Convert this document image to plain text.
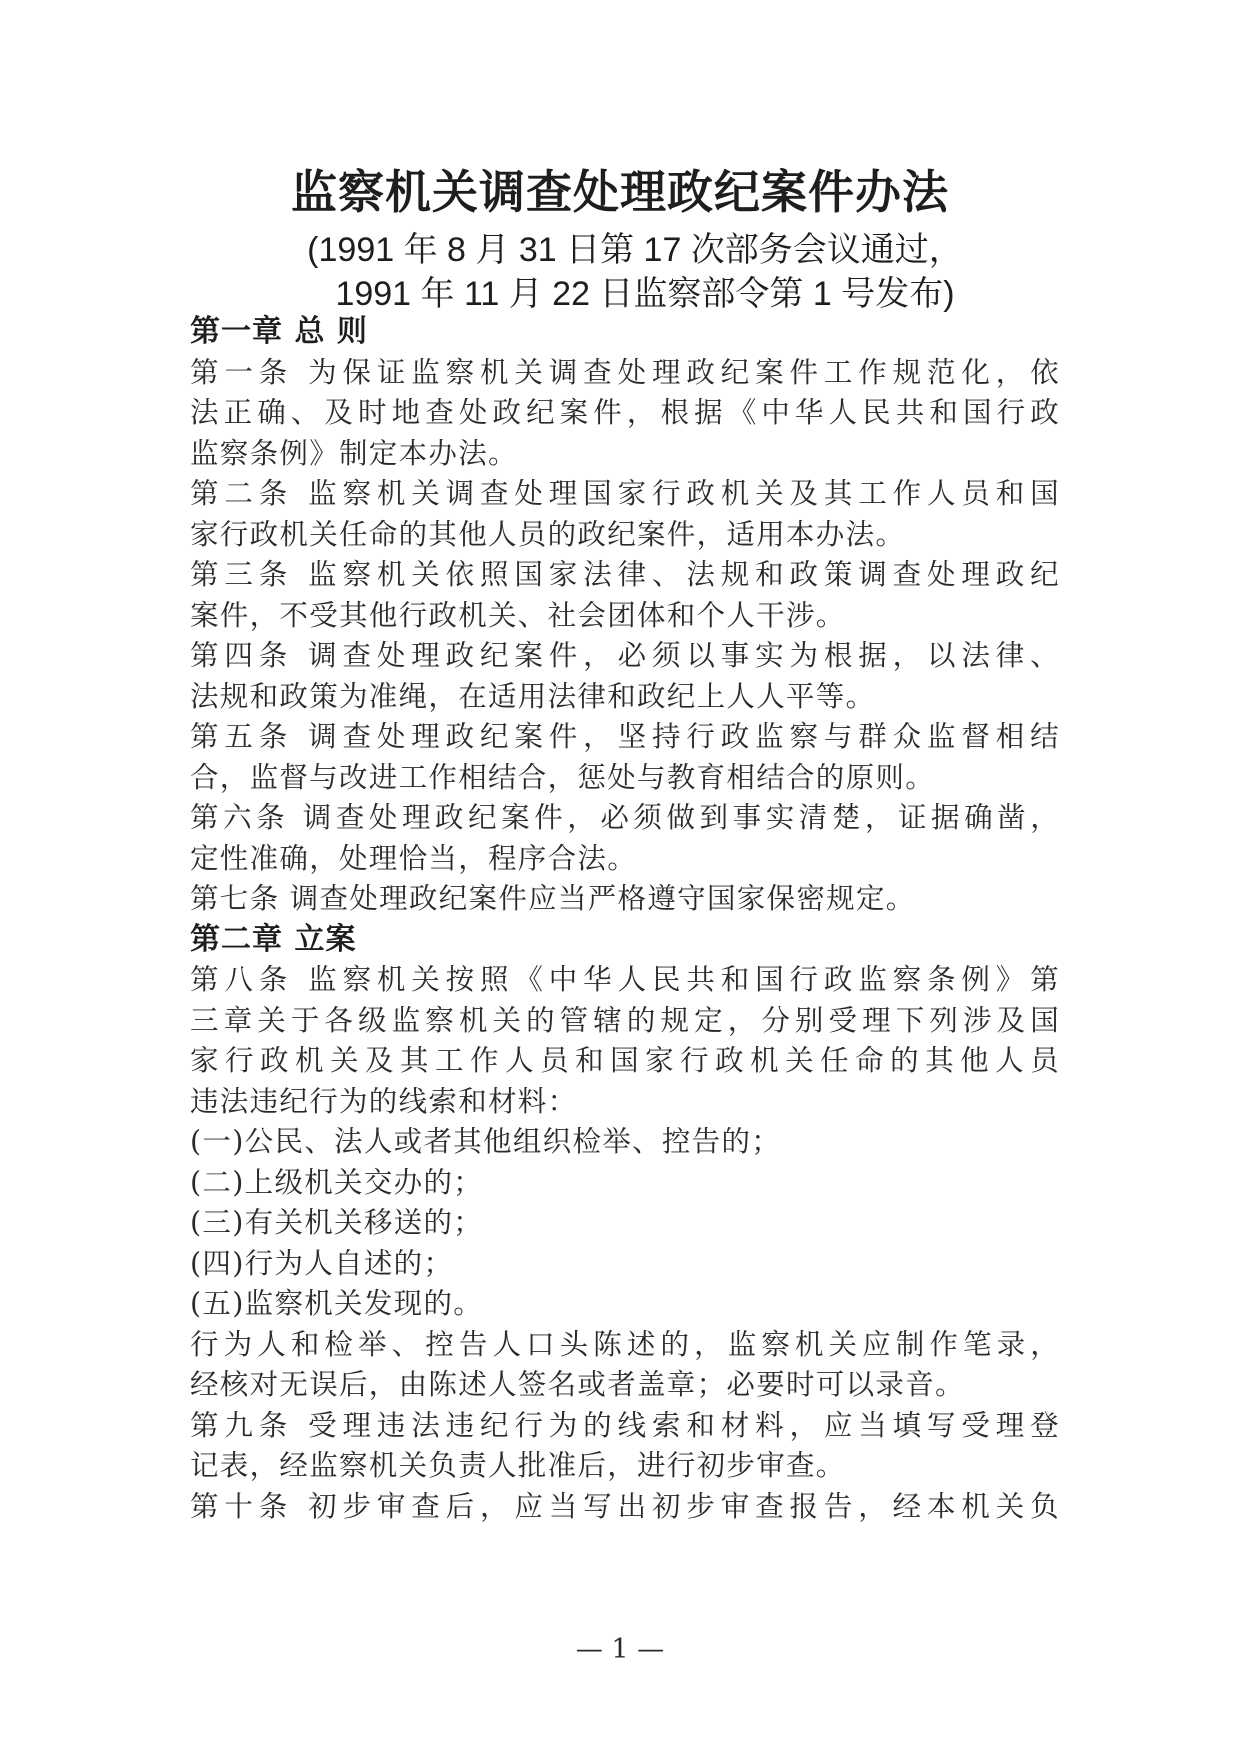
监察机关调查处理政纪案件办法
(1991 年 8 月 31 日第 17 次部务会议通过，
1991 年 11 月 22 日监察部令第 1 号发布)
第一章 总 则
第一条 为保证监察机关调查处理政纪案件工作规范化，依
法正确、及时地查处政纪案件，根据《中华人民共和国行政
监察条例》制定本办法。
第二条 监察机关调查处理国家行政机关及其工作人员和国
家行政机关任命的其他人员的政纪案件，适用本办法。
第三条 监察机关依照国家法律、法规和政策调查处理政纪
案件，不受其他行政机关、社会团体和个人干涉。
第四条 调查处理政纪案件，必须以事实为根据，以法律、
法规和政策为准绳，在适用法律和政纪上人人平等。
第五条 调查处理政纪案件，坚持行政监察与群众监督相结
合，监督与改进工作相结合，惩处与教育相结合的原则。
第六条 调查处理政纪案件，必须做到事实清楚，证据确凿，
定性准确，处理恰当，程序合法。
第七条 调查处理政纪案件应当严格遵守国家保密规定。
第二章 立案
第八条 监察机关按照《中华人民共和国行政监察条例》第
三章关于各级监察机关的管辖的规定，分别受理下列涉及国
家行政机关及其工作人员和国家行政机关任命的其他人员
违法违纪行为的线索和材料：
(一)公民、法人或者其他组织检举、控告的；
(二)上级机关交办的；
(三)有关机关移送的；
(四)行为人自述的；
(五)监察机关发现的。
行为人和检举、控告人口头陈述的，监察机关应制作笔录，
经核对无误后，由陈述人签名或者盖章；必要时可以录音。
第九条 受理违法违纪行为的线索和材料，应当填写受理登
记表，经监察机关负责人批准后，进行初步审查。
第十条 初步审查后，应当写出初步审查报告，经本机关负
— 1 —
